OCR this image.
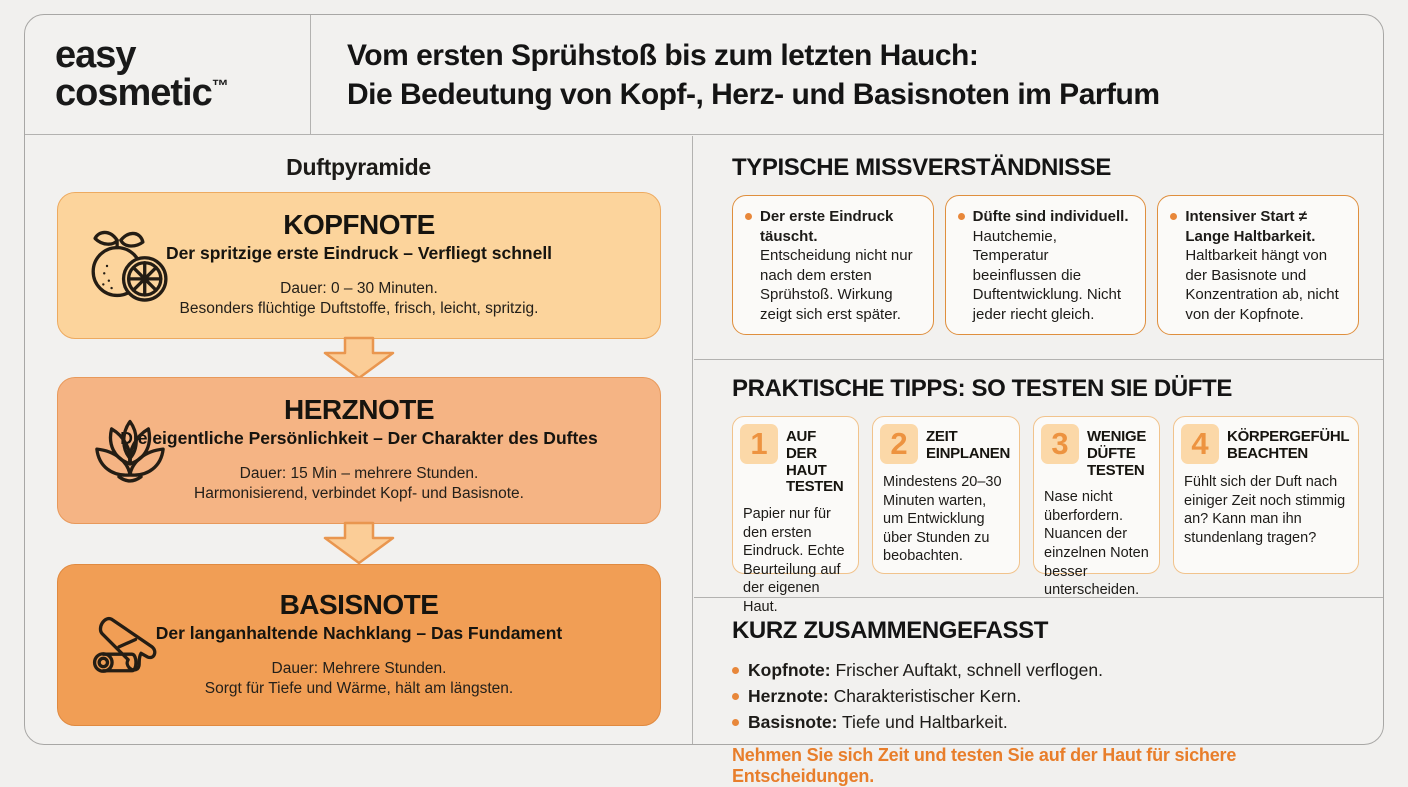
easy
cosmetic™
Vom ersten Sprühstoß bis zum letzten Hauch:
Die Bedeutung von Kopf-, Herz- und Basisnoten im Parfum
Duftpyramide
KOPFNOTE
Der spritzige erste Eindruck – Verfliegt schnell
Dauer: 0 – 30 Minuten.
Besonders flüchtige Duftstoffe, frisch, leicht, spritzig.
HERZNOTE
Die eigentliche Persönlichkeit – Der Charakter des Duftes
Dauer: 15 Min – mehrere Stunden.
Harmonisierend, verbindet Kopf- und Basisnote.
BASISNOTE
Der langanhaltende Nachklang – Das Fundament
Dauer: Mehrere Stunden.
Sorgt für Tiefe und Wärme, hält am längsten.
TYPISCHE MISSVERSTÄNDNISSE
Der erste Eindruck täuscht.
Entscheidung nicht nur nach dem ersten Sprühstoß. Wirkung zeigt sich erst später.
Düfte sind individuell.
Hautchemie, Temperatur beeinflussen die Duftentwicklung. Nicht jeder riecht gleich.
Intensiver Start ≠ Lange Haltbarkeit.
Haltbarkeit hängt von der Basisnote und Konzentration ab, nicht von der Kopfnote.
PRAKTISCHE TIPPS: SO TESTEN SIE DÜFTE
1	AUF DER HAUT TESTEN
Papier nur für den ersten Eindruck. Echte Beurteilung auf der eigenen Haut.
2	ZEIT EINPLANEN
Mindestens 20–30 Minuten warten, um Entwicklung über Stunden zu beobachten.
3	WENIGE DÜFTE TESTEN
Nase nicht überfordern. Nuancen der einzelnen Noten besser unterscheiden.
4	KÖRPERGEFÜHL BEACHTEN
Fühlt sich der Duft nach einiger Zeit noch stimmig an? Kann man ihn stundenlang tragen?
KURZ ZUSAMMENGEFASST
Kopfnote: Frischer Auftakt, schnell verflogen.
Herznote: Charakteristischer Kern.
Basisnote: Tiefe und Haltbarkeit.
Nehmen Sie sich Zeit und testen Sie auf der Haut für sichere Entscheidungen.
